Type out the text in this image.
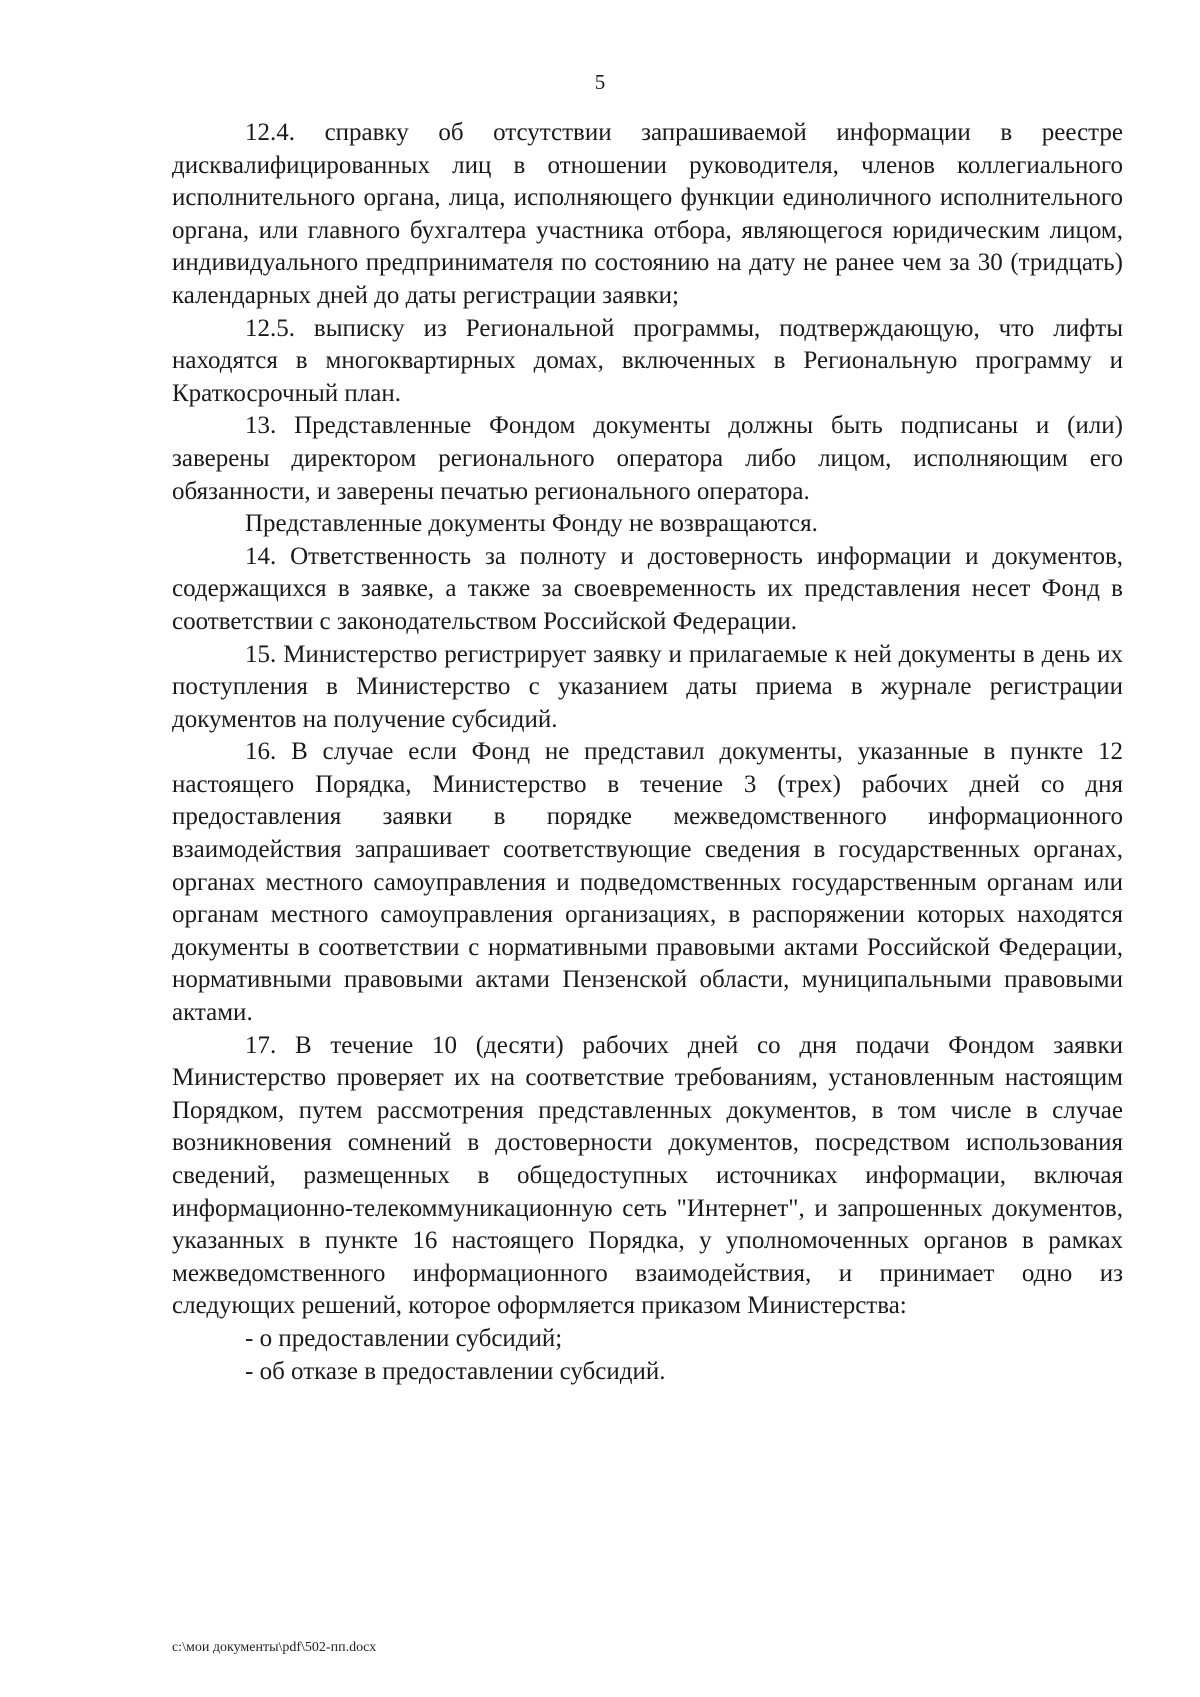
5

12.4. справку об отсутствии запрашиваемой информации в реестре дисквалифицированных лиц в отношении руководителя, членов коллегиального исполнительного органа, лица, исполняющего функции единоличного исполнительного органа, или главного бухгалтера участника отбора, являющегося юридическим лицом, индивидуального предпринимателя по состоянию на дату не ранее чем за 30 (тридцать) календарных дней до даты регистрации заявки;

12.5. выписку из Региональной программы, подтверждающую, что лифты находятся в многоквартирных домах, включенных в Региональную программу и Краткосрочный план.

13. Представленные Фондом документы должны быть подписаны и (или) заверены директором регионального оператора либо лицом, исполняющим его обязанности, и заверены печатью регионального оператора.

Представленные документы Фонду не возвращаются.

14. Ответственность за полноту и достоверность информации и документов, содержащихся в заявке, а также за своевременность их представления несет Фонд в соответствии с законодательством Российской Федерации.

15. Министерство регистрирует заявку и прилагаемые к ней документы в день их поступления в Министерство с указанием даты приема в журнале регистрации документов на получение субсидий.

16. В случае если Фонд не представил документы, указанные в пункте 12 настоящего Порядка, Министерство в течение 3 (трех) рабочих дней со дня предоставления заявки в порядке межведомственного информационного взаимодействия запрашивает соответствующие сведения в государственных органах, органах местного самоуправления и подведомственных государственным органам или органам местного самоуправления организациях, в распоряжении которых находятся документы в соответствии с нормативными правовыми актами Российской Федерации, нормативными правовыми актами Пензенской области, муниципальными правовыми актами.

17. В течение 10 (десяти) рабочих дней со дня подачи Фондом заявки Министерство проверяет их на соответствие требованиям, установленным настоящим Порядком, путем рассмотрения представленных документов, в том числе в случае возникновения сомнений в достоверности документов, посредством использования сведений, размещенных в общедоступных источниках информации, включая информационно-телекоммуникационную сеть "Интернет", и запрошенных документов, указанных в пункте 16 настоящего Порядка, у уполномоченных органов в рамках межведомственного информационного взаимодействия, и принимает одно из следующих решений, которое оформляется приказом Министерства:

- о предоставлении субсидий;

- об отказе в предоставлении субсидий.

c:\мои документы\pdf\502-пп.docx
